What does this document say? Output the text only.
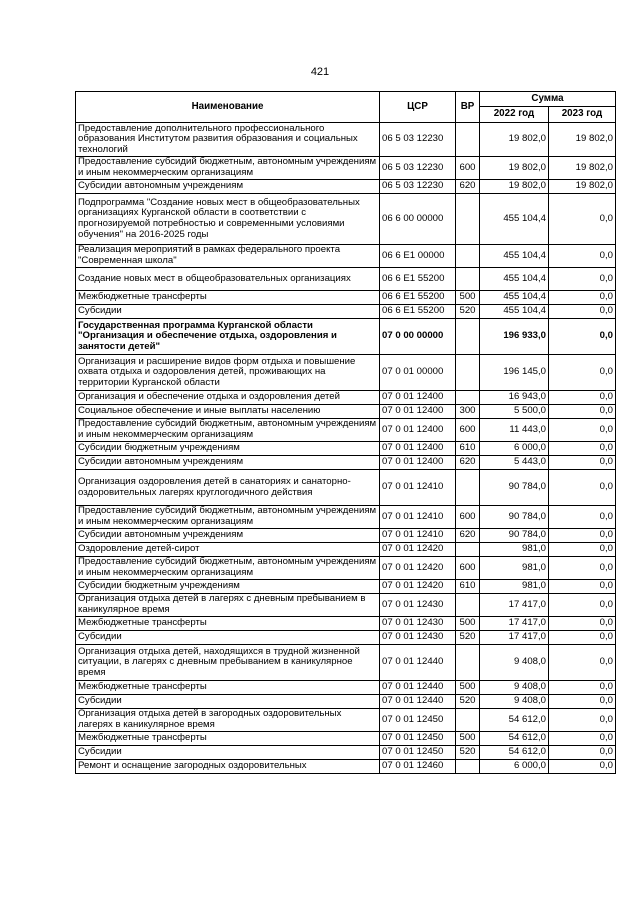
421
Наименование	ЦСР	ВР	Сумма	
			2022 год	2023 год
Предоставление дополнительного профессионального образования Институтом развития образования и социальных технологий	06 5 03 12230		19 802,0	19 802,0
Предоставление субсидий бюджетным, автономным учреждениям и иным некоммерческим организациям	06 5 03 12230	600	19 802,0	19 802,0
Субсидии автономным учреждениям	06 5 03 12230	620	19 802,0	19 802,0
Подпрограмма "Создание новых мест в общеобразовательных организациях Курганской области в соответствии с прогнозируемой потребностью и современными условиями обучения" на 2016-2025 годы	06 6 00 00000		455 104,4	0,0
Реализация мероприятий в рамках федерального проекта "Современная школа"	06 6 E1 00000		455 104,4	0,0
Создание новых мест в общеобразовательных организациях	06 6 E1 55200		455 104,4	0,0
Межбюджетные трансферты	06 6 E1 55200	500	455 104,4	0,0
Субсидии	06 6 E1 55200	520	455 104,4	0,0
Государственная программа Курганской области "Организация и обеспечение отдыха, оздоровления и занятости детей"	07 0 00 00000		196 933,0	0,0
Организация и расширение видов форм отдыха и повышение охвата отдыха и оздоровления детей, проживающих на территории Курганской области	07 0 01 00000		196 145,0	0,0
Организация и обеспечение отдыха и оздоровления детей	07 0 01 12400		16 943,0	0,0
Социальное обеспечение и иные выплаты населению	07 0 01 12400	300	5 500,0	0,0
Предоставление субсидий бюджетным, автономным учреждениям и иным некоммерческим организациям	07 0 01 12400	600	11 443,0	0,0
Субсидии бюджетным учреждениям	07 0 01 12400	610	6 000,0	0,0
Субсидии автономным учреждениям	07 0 01 12400	620	5 443,0	0,0
Организация оздоровления детей в санаториях и санаторно-оздоровительных лагерях круглогодичного действия	07 0 01 12410		90 784,0	0,0
Предоставление субсидий бюджетным, автономным учреждениям и иным некоммерческим организациям	07 0 01 12410	600	90 784,0	0,0
Субсидии автономным учреждениям	07 0 01 12410	620	90 784,0	0,0
Оздоровление детей-сирот	07 0 01 12420		981,0	0,0
Предоставление субсидий бюджетным, автономным учреждениям и иным некоммерческим организациям	07 0 01 12420	600	981,0	0,0
Субсидии бюджетным учреждениям	07 0 01 12420	610	981,0	0,0
Организация отдыха детей в лагерях с дневным пребыванием в каникулярное время	07 0 01 12430		17 417,0	0,0
Межбюджетные трансферты	07 0 01 12430	500	17 417,0	0,0
Субсидии	07 0 01 12430	520	17 417,0	0,0
Организация отдыха детей, находящихся в трудной жизненной ситуации, в лагерях с дневным пребыванием в каникулярное время	07 0 01 12440		9 408,0	0,0
Межбюджетные трансферты	07 0 01 12440	500	9 408,0	0,0
Субсидии	07 0 01 12440	520	9 408,0	0,0
Организация отдыха детей в загородных оздоровительных лагерях в каникулярное время	07 0 01 12450		54 612,0	0,0
Межбюджетные трансферты	07 0 01 12450	500	54 612,0	0,0
Субсидии	07 0 01 12450	520	54 612,0	0,0
Ремонт и оснащение загородных оздоровительных	07 0 01 12460		6 000,0	0,0
